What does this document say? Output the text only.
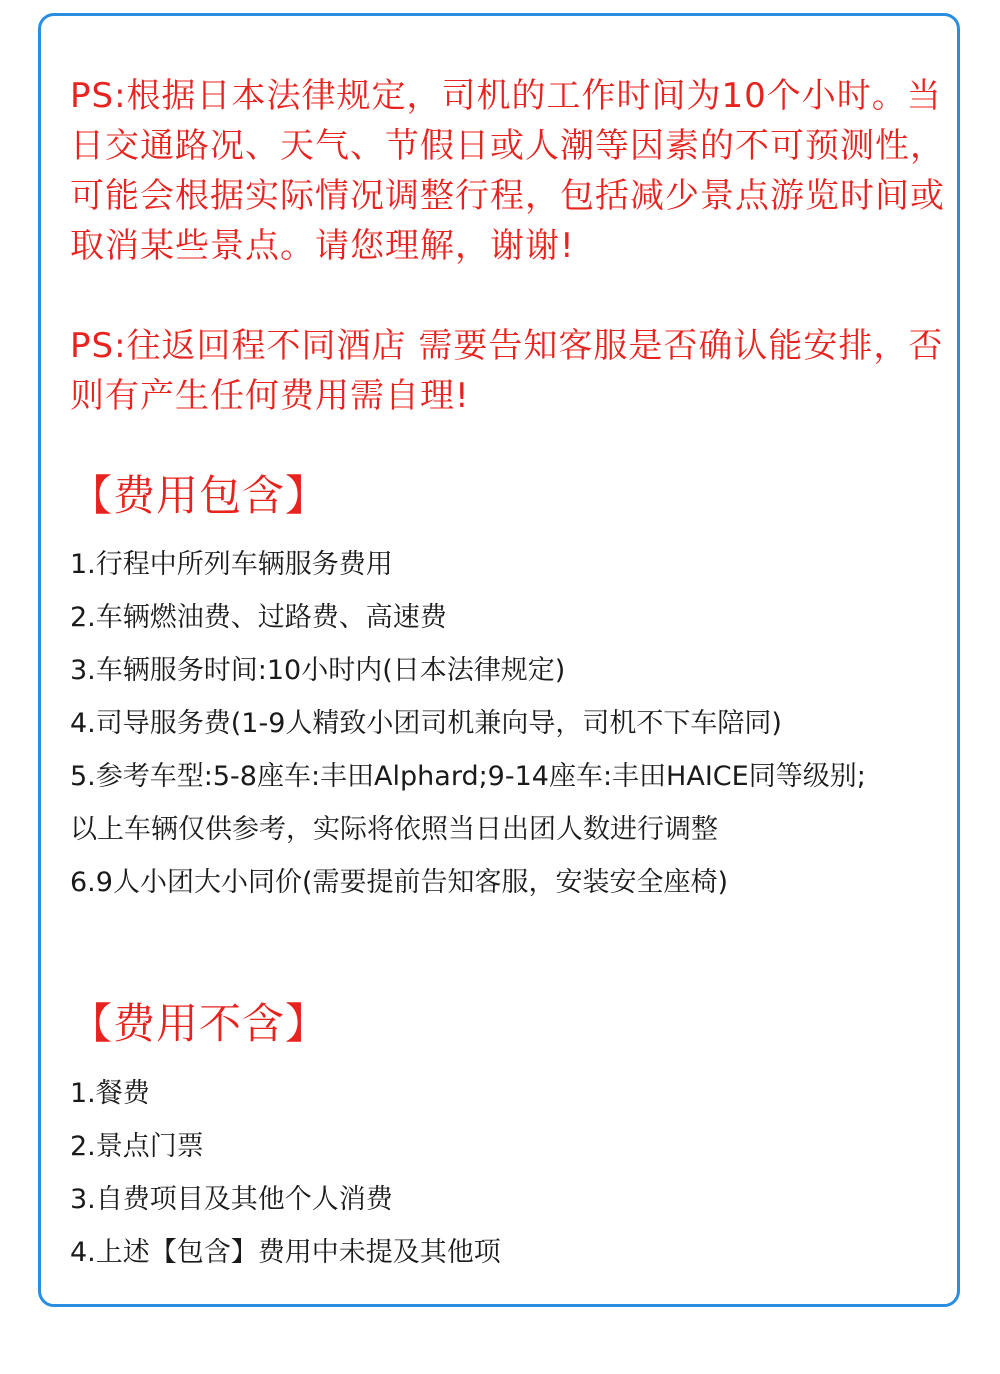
PS:根据日本法律规定，司机的工作时间为10个小时。当日交通路况、天气、节假日或人潮等因素的不可预测性，可能会根据实际情况调整行程，包括减少景点游览时间或取消某些景点。请您理解，谢谢!

PS:往返回程不同酒店 需要告知客服是否确认能安排，否则有产生任何费用需自理!

【费用包含】
1.行程中所列车辆服务费用
2.车辆燃油费、过路费、高速费
3.车辆服务时间:10小时内(日本法律规定)
4.司导服务费(1-9人精致小团司机兼向导，司机不下车陪同)
5.参考车型:5-8座车:丰田Alphard;9-14座车:丰田HAICE同等级别;
以上车辆仅供参考，实际将依照当日出团人数进行调整
6.9人小团大小同价(需要提前告知客服，安装安全座椅)
【费用不含】
1.餐费
2.景点门票
3.自费项目及其他个人消费
4.上述【包含】费用中未提及其他项
